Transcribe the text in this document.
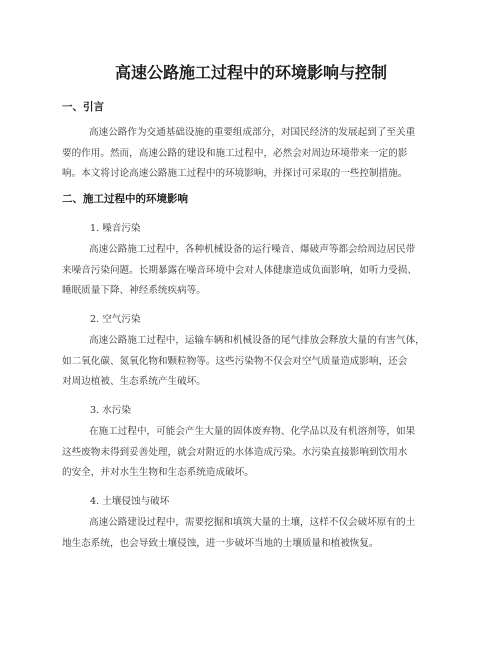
高速公路施工过程中的环境影响与控制
一、引言
高速公路作为交通基础设施的重要组成部分，对国民经济的发展起到了至关重
要的作用。然而，高速公路的建设和施工过程中，必然会对周边环境带来一定的影
响。本文将讨论高速公路施工过程中的环境影响，并探讨可采取的一些控制措施。
二、施工过程中的环境影响
1. 噪音污染
高速公路施工过程中，各种机械设备的运行噪音、爆破声等都会给周边居民带
来噪音污染问题。长期暴露在噪音环境中会对人体健康造成负面影响，如听力受损、
睡眠质量下降、神经系统疾病等。
2. 空气污染
高速公路施工过程中，运输车辆和机械设备的尾气排放会释放大量的有害气体，
如二氧化碳、氮氧化物和颗粒物等。这些污染物不仅会对空气质量造成影响，还会
对周边植被、生态系统产生破坏。
3. 水污染
在施工过程中，可能会产生大量的固体废弃物、化学品以及有机溶剂等，如果
这些废物未得到妥善处理，就会对附近的水体造成污染。水污染直接影响到饮用水
的安全，并对水生生物和生态系统造成破坏。
4. 土壤侵蚀与破坏
高速公路建设过程中，需要挖掘和填筑大量的土壤，这样不仅会破坏原有的土
地生态系统，也会导致土壤侵蚀，进一步破坏当地的土壤质量和植被恢复。
